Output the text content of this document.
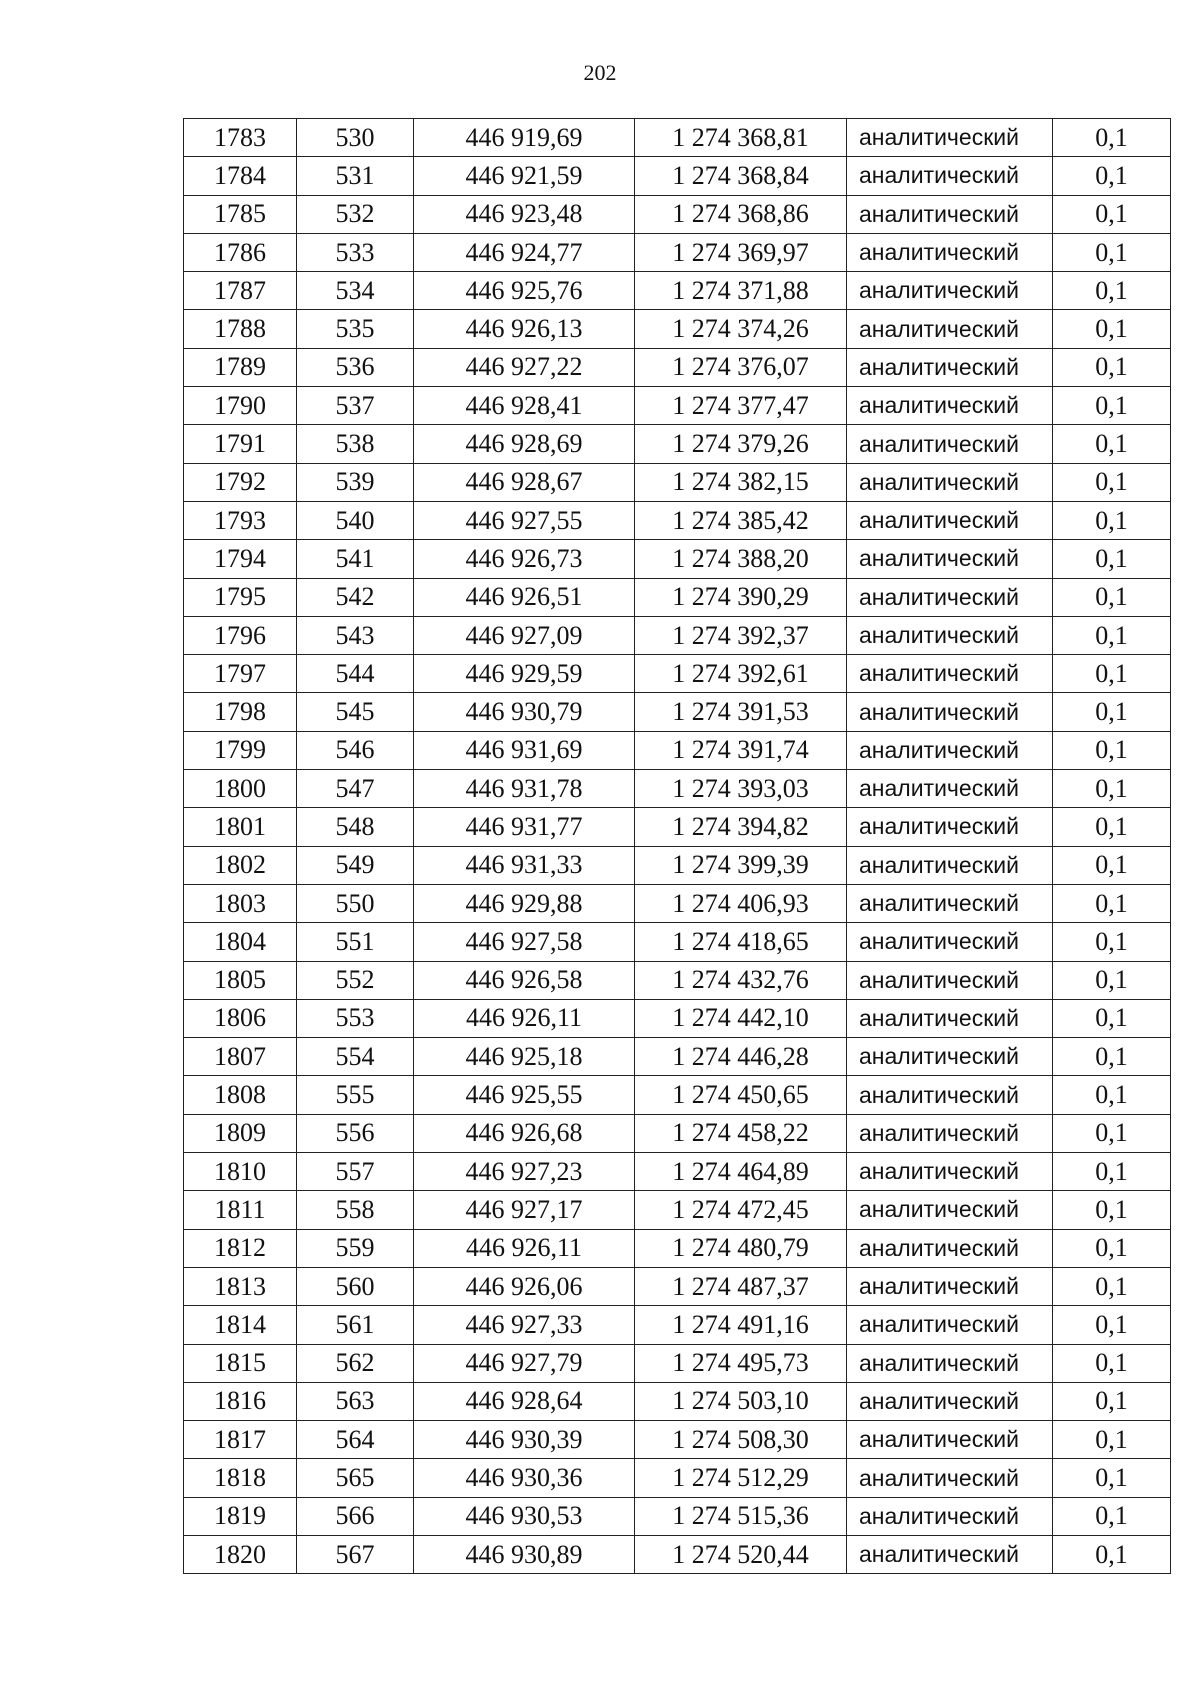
202
1783	530	446 919,69	1 274 368,81	аналитический	0,1
1784	531	446 921,59	1 274 368,84	аналитический	0,1
1785	532	446 923,48	1 274 368,86	аналитический	0,1
1786	533	446 924,77	1 274 369,97	аналитический	0,1
1787	534	446 925,76	1 274 371,88	аналитический	0,1
1788	535	446 926,13	1 274 374,26	аналитический	0,1
1789	536	446 927,22	1 274 376,07	аналитический	0,1
1790	537	446 928,41	1 274 377,47	аналитический	0,1
1791	538	446 928,69	1 274 379,26	аналитический	0,1
1792	539	446 928,67	1 274 382,15	аналитический	0,1
1793	540	446 927,55	1 274 385,42	аналитический	0,1
1794	541	446 926,73	1 274 388,20	аналитический	0,1
1795	542	446 926,51	1 274 390,29	аналитический	0,1
1796	543	446 927,09	1 274 392,37	аналитический	0,1
1797	544	446 929,59	1 274 392,61	аналитический	0,1
1798	545	446 930,79	1 274 391,53	аналитический	0,1
1799	546	446 931,69	1 274 391,74	аналитический	0,1
1800	547	446 931,78	1 274 393,03	аналитический	0,1
1801	548	446 931,77	1 274 394,82	аналитический	0,1
1802	549	446 931,33	1 274 399,39	аналитический	0,1
1803	550	446 929,88	1 274 406,93	аналитический	0,1
1804	551	446 927,58	1 274 418,65	аналитический	0,1
1805	552	446 926,58	1 274 432,76	аналитический	0,1
1806	553	446 926,11	1 274 442,10	аналитический	0,1
1807	554	446 925,18	1 274 446,28	аналитический	0,1
1808	555	446 925,55	1 274 450,65	аналитический	0,1
1809	556	446 926,68	1 274 458,22	аналитический	0,1
1810	557	446 927,23	1 274 464,89	аналитический	0,1
1811	558	446 927,17	1 274 472,45	аналитический	0,1
1812	559	446 926,11	1 274 480,79	аналитический	0,1
1813	560	446 926,06	1 274 487,37	аналитический	0,1
1814	561	446 927,33	1 274 491,16	аналитический	0,1
1815	562	446 927,79	1 274 495,73	аналитический	0,1
1816	563	446 928,64	1 274 503,10	аналитический	0,1
1817	564	446 930,39	1 274 508,30	аналитический	0,1
1818	565	446 930,36	1 274 512,29	аналитический	0,1
1819	566	446 930,53	1 274 515,36	аналитический	0,1
1820	567	446 930,89	1 274 520,44	аналитический	0,1
